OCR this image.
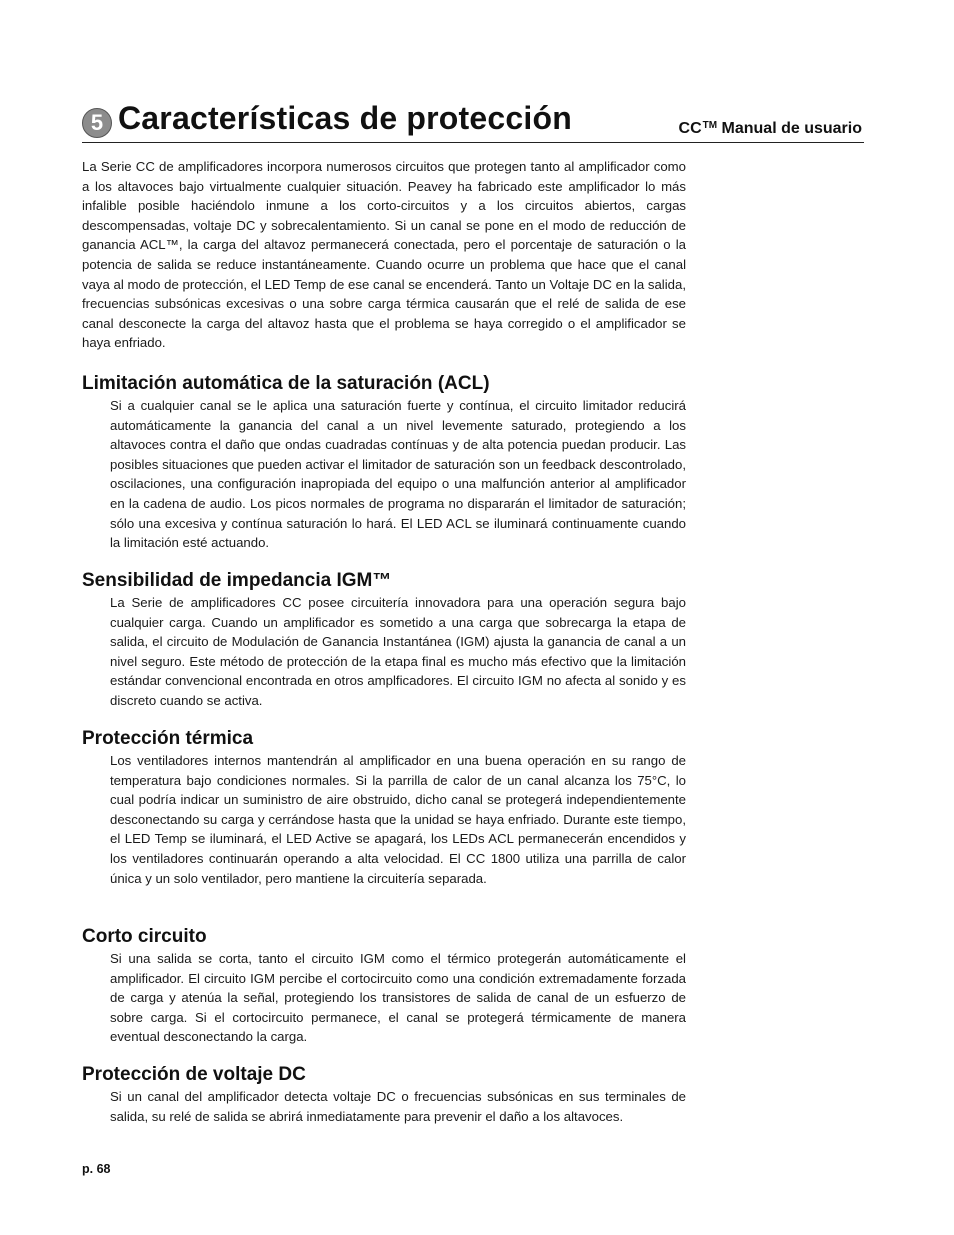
5 Características de protección	CC™ Manual de usuario

La Serie CC de amplificadores incorpora numerosos circuitos que protegen tanto al amplificador como a los altavoces bajo virtualmente cualquier situación. Peavey ha fabricado este amplificador lo más infalible posible haciéndolo inmune a los corto-circuitos y a los circuitos abiertos, cargas descompensadas, voltaje DC y sobrecalentamiento. Si un canal se pone en el modo de reducción de ganancia ACL™, la carga del altavoz permanecerá conectada, pero el porcentaje de saturación o la potencia de salida se reduce instantáneamente. Cuando ocurre un problema que hace que el canal vaya al modo de protección, el LED Temp de ese canal se encenderá. Tanto un Voltaje DC en la salida, frecuencias subsónicas excesivas o una sobre carga térmica causarán que el relé de salida de ese canal desconecte la carga del altavoz hasta que el problema se haya corregido o el amplificador se haya enfriado.

Limitación automática de la saturación (ACL)

Si a cualquier canal se le aplica una saturación fuerte y contínua, el circuito limitador reducirá automáticamente la ganancia del canal a un nivel levemente saturado, protegiendo a los altavoces contra el daño que ondas cuadradas contínuas y de alta potencia puedan producir. Las posibles situaciones que pueden activar el limitador de saturación son un feedback descontrolado, oscilaciones, una configuración inapropiada del equipo o una malfunción anterior al amplificador en la cadena de audio. Los picos normales de programa no dispararán el limitador de saturación; sólo una excesiva y contínua saturación lo hará. El LED ACL se iluminará continuamente cuando la limitación esté actuando.

Sensibilidad de impedancia IGM™

La Serie de amplificadores CC posee circuitería innovadora para una operación segura bajo cualquier carga. Cuando un amplificador es sometido a una carga que sobrecarga la etapa de salida, el circuito de Modulación de Ganancia Instantánea (IGM) ajusta la ganancia de canal a un nivel seguro. Este método de protección de la etapa final es mucho más efectivo que la limitación estándar convencional encontrada en otros amplficadores. El circuito IGM no afecta al sonido y es discreto cuando se activa.

Protección térmica

Los ventiladores internos mantendrán al amplificador en una buena operación en su rango de temperatura bajo condiciones normales. Si la parrilla de calor de un canal alcanza los 75°C, lo cual podría indicar un suministro de aire obstruido, dicho canal se protegerá independientemente desconectando su carga y cerrándose hasta que la unidad se haya enfriado. Durante este tiempo, el LED Temp se iluminará, el LED Active se apagará, los LEDs ACL permanecerán encendidos y los ventiladores continuarán operando a alta velocidad. El CC 1800 utiliza una parrilla de calor única y un solo ventilador, pero mantiene la circuitería separada.

Corto circuito

Si una salida se corta, tanto el circuito IGM como el térmico protegerán automáticamente el amplificador. El circuito IGM percibe el cortocircuito como una condición extremadamente forzada de carga y atenúa la señal, protegiendo los transistores de salida de canal de un esfuerzo de sobre carga. Si el cortocircuito permanece, el canal se protegerá térmicamente de manera eventual desconectando la carga.

Protección de voltaje DC

Si un canal del amplificador detecta voltaje DC o frecuencias subsónicas en sus terminales de salida, su relé de salida se abrirá inmediatamente para prevenir el daño a los altavoces.

p. 68
